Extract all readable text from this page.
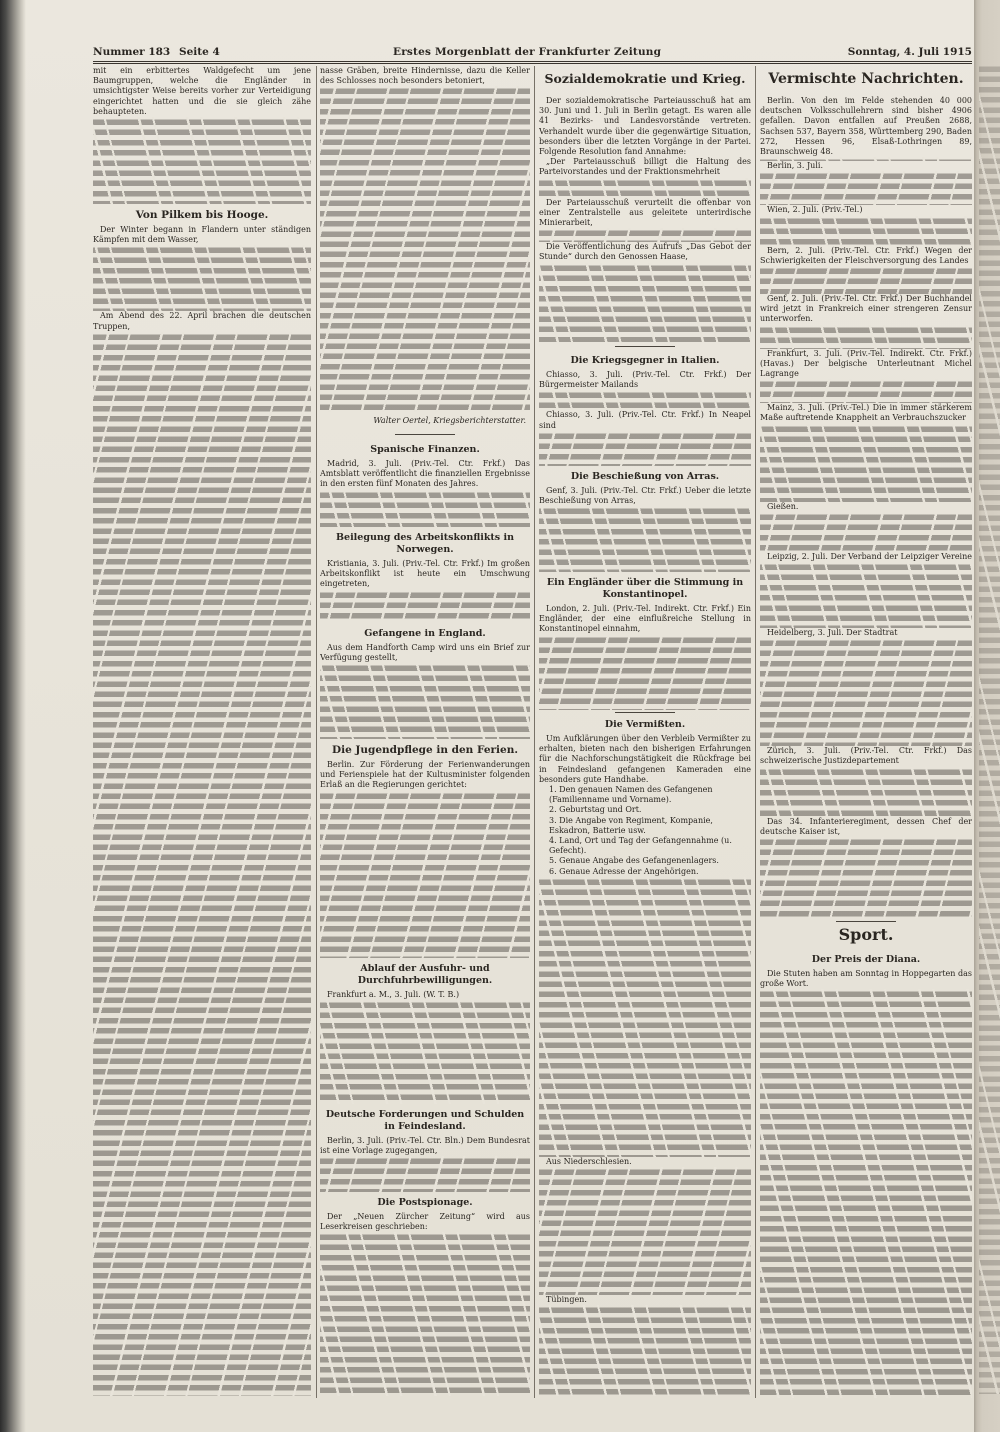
Nummer 183 Seite 4	Erstes Morgenblatt der Frankfurter Zeitung	Sonntag, 4. Juli 1915

mit ein erbittertes Waldgefecht um jene Baumgruppen, welche die Engländer in umsichtigster Weise bereits vorher zur Verteidigung eingerichtet hatten und die sie gleich zähe behaupteten.

Von Pilkem bis Hooge.

Der Winter begann in Flandern unter ständigen Kämpfen mit dem Wasser,

Am Abend des 22. April brachen die deutschen Truppen,

nasse Gräben, breite Hindernisse, dazu die Keller des Schlosses noch besonders betoniert,

Walter Oertel, Kriegsberichterstatter.
Spanische Finanzen.

Madrid, 3. Juli. (Priv.-Tel. Ctr. Frkf.) Das Amtsblatt veröffentlicht die finanziellen Ergebnisse in den ersten fünf Monaten des Jahres.

Beilegung des Arbeitskonflikts in Norwegen.

Kristiania, 3. Juli. (Priv.-Tel. Ctr. Frkf.) Im großen Arbeitskonflikt ist heute ein Umschwung eingetreten,

Gefangene in England.

Aus dem Handforth Camp wird uns ein Brief zur Verfügung gestellt,

Die Jugendpflege in den Ferien.

Berlin. Zur Förderung der Ferienwanderungen und Ferienspiele hat der Kultusminister folgenden Erlaß an die Regierungen gerichtet:

Ablauf der Ausfuhr- und Durchfuhrbewilligungen.

Frankfurt a. M., 3. Juli. (W. T. B.)

Deutsche Forderungen und Schulden in Feindesland.

Berlin, 3. Juli. (Priv.-Tel. Ctr. Bln.) Dem Bundesrat ist eine Vorlage zugegangen,

Die Postspionage.

Der „Neuen Zürcher Zeitung“ wird aus Leserkreisen geschrieben:

Sozialdemokratie und Krieg.

Der sozialdemokratische Parteiausschuß hat am 30. Juni und 1. Juli in Berlin getagt. Es waren alle 41 Bezirks- und Landesvorstände vertreten. Verhandelt wurde über die gegenwärtige Situation, besonders über die letzten Vorgänge in der Partei. Folgende Resolution fand Annahme:

„Der Parteiausschuß billigt die Haltung des Parteivorstandes und der Fraktionsmehrheit

Der Parteiausschuß verurteilt die offenbar von einer Zentralstelle aus geleitete unterirdische Minierarbeit,

Die Veröffentlichung des Aufrufs „Das Gebot der Stunde“ durch den Genossen Haase,

Die Kriegsgegner in Italien.

Chiasso, 3. Juli. (Priv.-Tel. Ctr. Frkf.) Der Bürgermeister Mailands

Chiasso, 3. Juli. (Priv.-Tel. Ctr. Frkf.) In Neapel sind

Die Beschießung von Arras.

Genf, 3. Juli. (Priv.-Tel. Ctr. Frkf.) Ueber die letzte Beschießung von Arras,

Ein Engländer über die Stimmung in Konstantinopel.

London, 2. Juli. (Priv.-Tel. Indirekt. Ctr. Frkf.) Ein Engländer, der eine einflußreiche Stellung in Konstantinopel einnahm,

Die Vermißten.

Um Aufklärungen über den Verbleib Vermißter zu erhalten, bieten nach den bisherigen Erfahrungen für die Nachforschungstätigkeit die Rückfrage bei in Feindesland gefangenen Kameraden eine besonders gute Handhabe.

1. Den genauen Namen des Gefangenen (Familienname und Vorname).

2. Geburtstag und Ort.

3. Die Angabe von Regiment, Kompanie, Eskadron, Batterie usw.

4. Land, Ort und Tag der Gefangennahme (u. Gefecht).

5. Genaue Angabe des Gefangenenlagers.

6. Genaue Adresse der Angehörigen.

Aus Niederschlesien.

Tübingen.

Vermischte Nachrichten.

Berlin. Von den im Felde stehenden 40 000 deutschen Volksschullehrern sind bisher 4906 gefallen. Davon entfallen auf Preußen 2688, Sachsen 537, Bayern 358, Württemberg 290, Baden 272, Hessen 96, Elsaß-Lothringen 89, Braunschweig 48.

Berlin, 3. Juli.

Wien, 2. Juli. (Priv.-Tel.)

Bern, 2. Juli. (Priv.-Tel. Ctr. Frkf.) Wegen der Schwierigkeiten der Fleischversorgung des Landes

Genf, 2. Juli. (Priv.-Tel. Ctr. Frkf.) Der Buchhandel wird jetzt in Frankreich einer strengeren Zensur unterworfen.

Frankfurt, 3. Juli. (Priv.-Tel. Indirekt. Ctr. Frkf.) (Havas.) Der belgische Unterleutnant Michel Lagrange

Mainz, 3. Juli. (Priv.-Tel.) Die in immer stärkerem Maße auftretende Knappheit an Verbrauchszucker

Gießen.

Leipzig, 2. Juli. Der Verband der Leipziger Vereine

Heidelberg, 3. Juli. Der Stadtrat

Zürich, 3. Juli. (Priv.-Tel. Ctr. Frkf.) Das schweizerische Justizdepartement

Das 34. Infanterieregiment, dessen Chef der deutsche Kaiser ist,

Sport.
Der Preis der Diana.

Die Stuten haben am Sonntag in Hoppegarten das große Wort.
